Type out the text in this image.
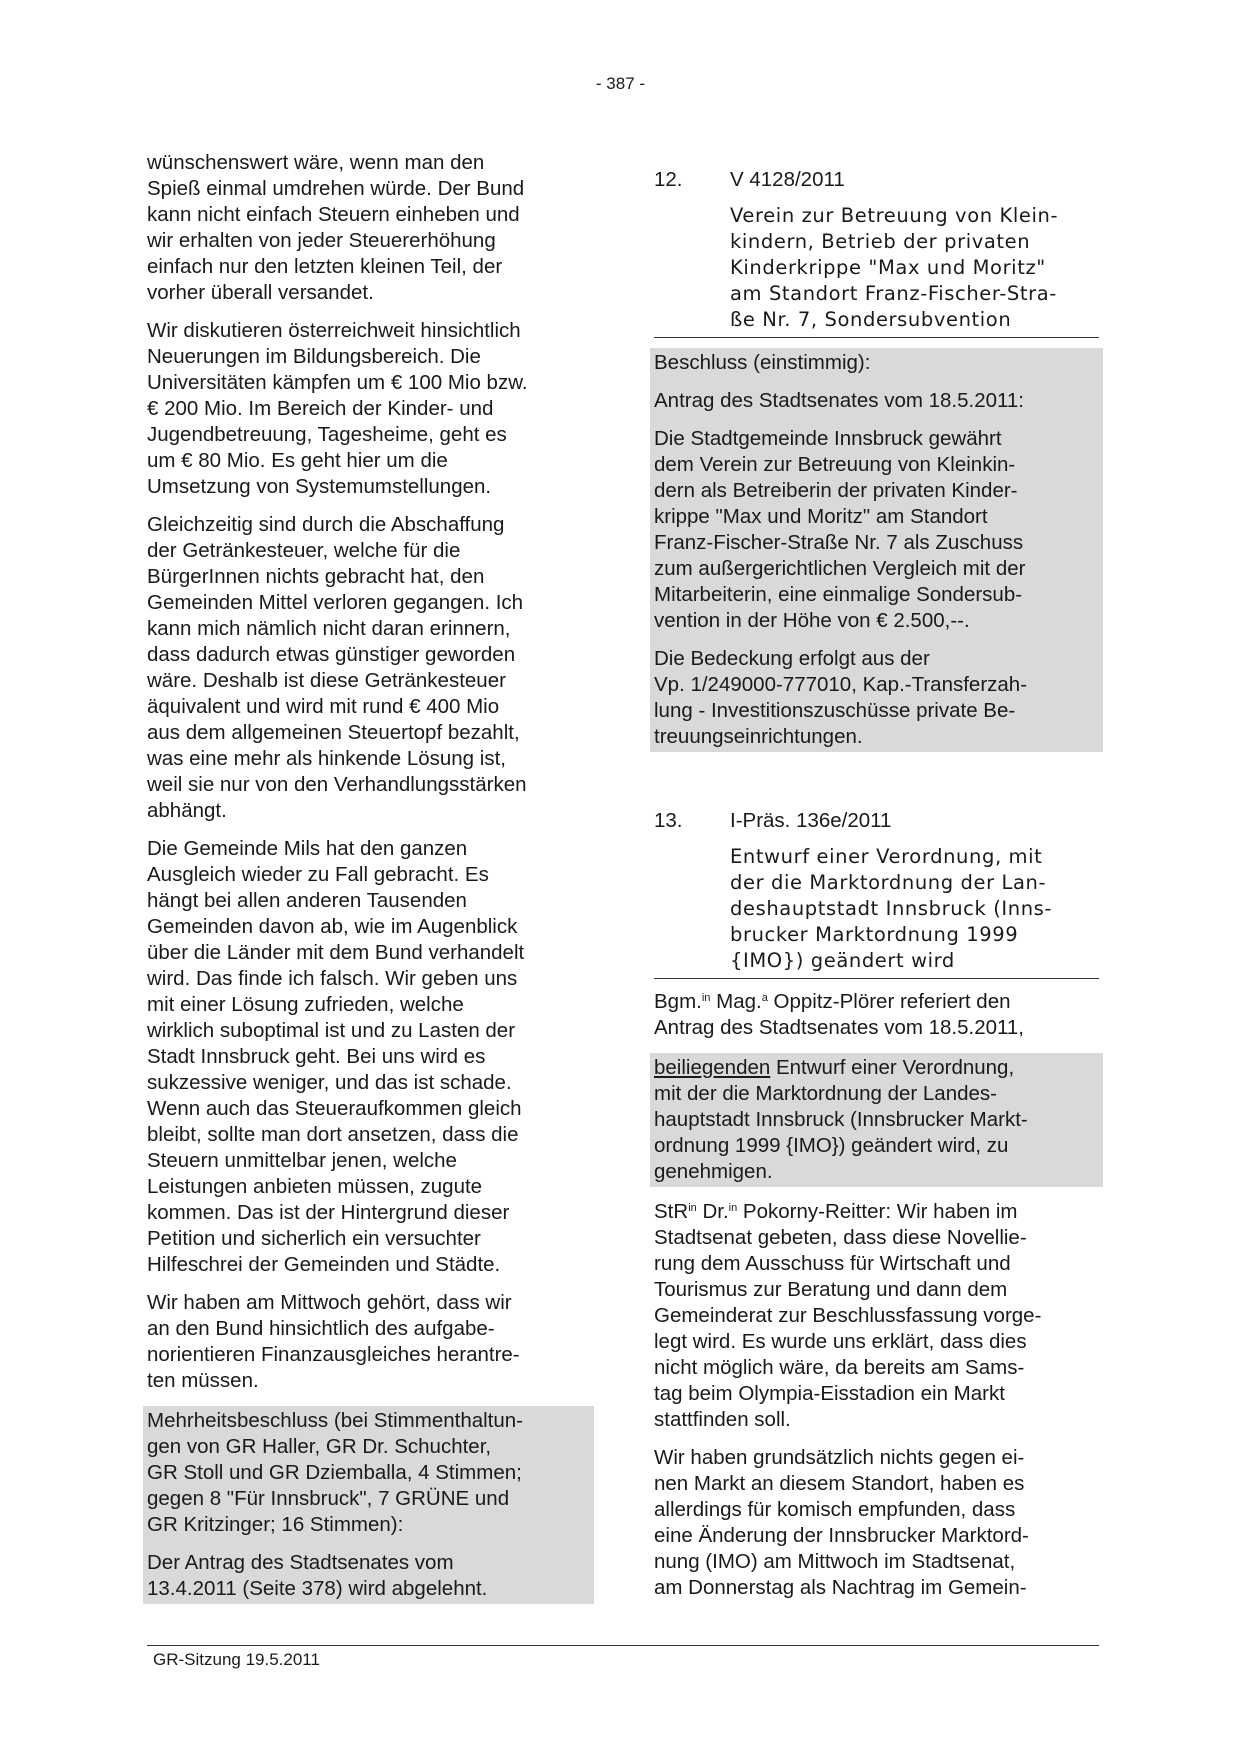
- 387 -

wünschenswert wäre, wenn man den
Spieß einmal umdrehen würde. Der Bund
kann nicht einfach Steuern einheben und
wir erhalten von jeder Steuererhöhung
einfach nur den letzten kleinen Teil, der
vorher überall versandet.

Wir diskutieren österreichweit hinsichtlich
Neuerungen im Bildungsbereich. Die
Universitäten kämpfen um € 100 Mio bzw.
€ 200 Mio. Im Bereich der Kinder- und
Jugendbetreuung, Tagesheime, geht es
um € 80 Mio. Es geht hier um die
Umsetzung von Systemumstellungen.

Gleichzeitig sind durch die Abschaffung
der Getränkesteuer, welche für die
BürgerInnen nichts gebracht hat, den
Gemeinden Mittel verloren gegangen. Ich
kann mich nämlich nicht daran erinnern,
dass dadurch etwas günstiger geworden
wäre. Deshalb ist diese Getränkesteuer
äquivalent und wird mit rund € 400 Mio
aus dem allgemeinen Steuertopf bezahlt,
was eine mehr als hinkende Lösung ist,
weil sie nur von den Verhandlungsstärken
abhängt.

Die Gemeinde Mils hat den ganzen
Ausgleich wieder zu Fall gebracht. Es
hängt bei allen anderen Tausenden
Gemeinden davon ab, wie im Augenblick
über die Länder mit dem Bund verhandelt
wird. Das finde ich falsch. Wir geben uns
mit einer Lösung zufrieden, welche
wirklich suboptimal ist und zu Lasten der
Stadt Innsbruck geht. Bei uns wird es
sukzessive weniger, und das ist schade.
Wenn auch das Steueraufkommen gleich
bleibt, sollte man dort ansetzen, dass die
Steuern unmittelbar jenen, welche
Leistungen anbieten müssen, zugute
kommen. Das ist der Hintergrund dieser
Petition und sicherlich ein versuchter
Hilfeschrei der Gemeinden und Städte.

Wir haben am Mittwoch gehört, dass wir
an den Bund hinsichtlich des aufgabe-
norientieren Finanzausgleiches herantre-
ten müssen.

Mehrheitsbeschluss (bei Stimmenthaltun-
gen von GR Haller, GR Dr. Schuchter,
GR Stoll und GR Dziemballa, 4 Stimmen;
gegen 8 "Für Innsbruck", 7 GRÜNE und
GR Kritzinger; 16 Stimmen):

Der Antrag des Stadtsenates vom
13.4.2011 (Seite 378) wird abgelehnt.

12.	V 4128/2011
Verein zur Betreuung von Klein-
kindern, Betrieb der privaten
Kinderkrippe "Max und Moritz"
am Standort Franz-Fischer-Stra-
ße Nr. 7, Sondersubvention

Beschluss (einstimmig):

Antrag des Stadtsenates vom 18.5.2011:

Die Stadtgemeinde Innsbruck gewährt
dem Verein zur Betreuung von Kleinkin-
dern als Betreiberin der privaten Kinder-
krippe "Max und Moritz" am Standort
Franz-Fischer-Straße Nr. 7 als Zuschuss
zum außergerichtlichen Vergleich mit der
Mitarbeiterin, eine einmalige Sondersub-
vention in der Höhe von € 2.500,--.

Die Bedeckung erfolgt aus der
Vp. 1/249000-777010, Kap.-Transferzah-
lung - Investitionszuschüsse private Be-
treuungseinrichtungen.

13.	I-Präs. 136e/2011
Entwurf einer Verordnung, mit
der die Marktordnung der Lan-
deshauptstadt Innsbruck (Inns-
brucker Marktordnung 1999
{IMO}) geändert wird

Bgm.$^{in}$ Mag.$^a$ Oppitz-Plörer referiert den
Antrag des Stadtsenates vom 18.5.2011,

beiliegenden Entwurf einer Verordnung,
mit der die Marktordnung der Landes-
hauptstadt Innsbruck (Innsbrucker Markt-
ordnung 1999 {IMO}) geändert wird, zu
genehmigen.

StR$^{in}$ Dr.$^{in}$ Pokorny-Reitter: Wir haben im
Stadtsenat gebeten, dass diese Novellie-
rung dem Ausschuss für Wirtschaft und
Tourismus zur Beratung und dann dem
Gemeinderat zur Beschlussfassung vorge-
legt wird. Es wurde uns erklärt, dass dies
nicht möglich wäre, da bereits am Sams-
tag beim Olympia-Eisstadion ein Markt
stattfinden soll.

Wir haben grundsätzlich nichts gegen ei-
nen Markt an diesem Standort, haben es
allerdings für komisch empfunden, dass
eine Änderung der Innsbrucker Marktord-
nung (IMO) am Mittwoch im Stadtsenat,
am Donnerstag als Nachtrag im Gemein-

GR-Sitzung 19.5.2011
